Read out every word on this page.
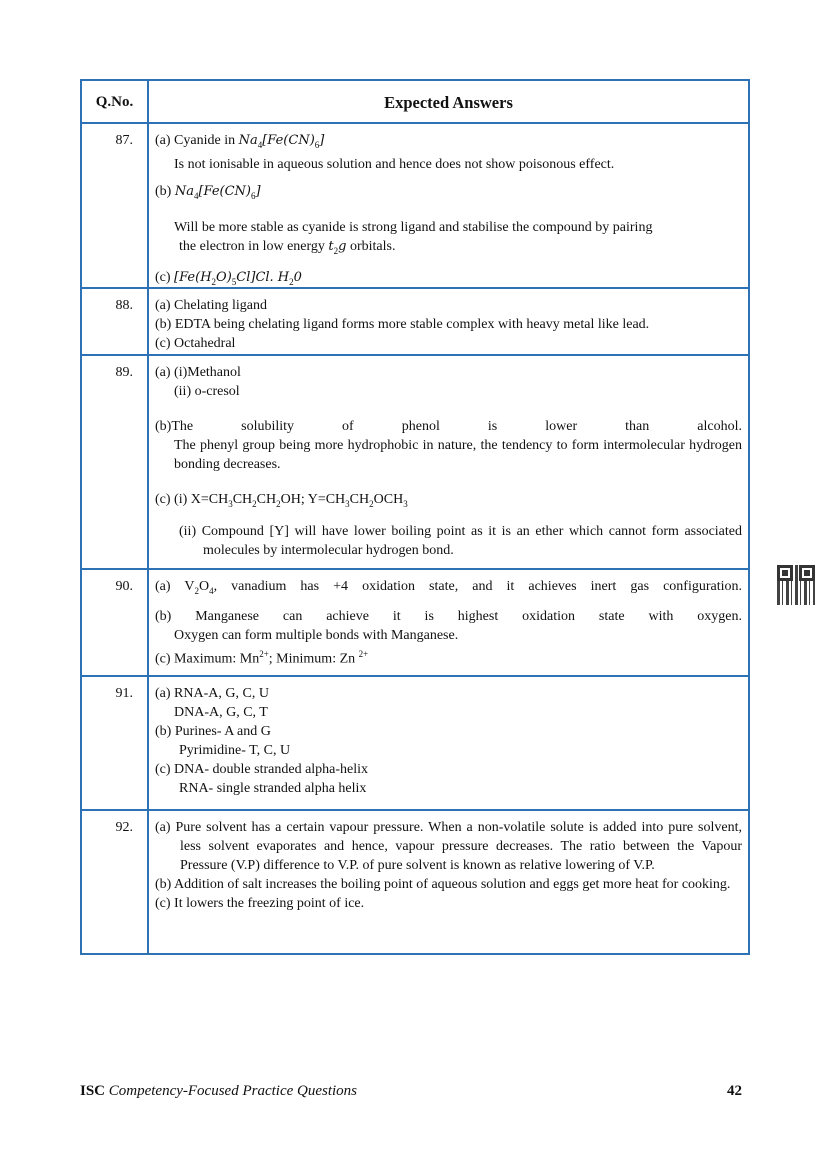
Q.No.	Expected Answers
87.	(a) Cyanide in $Na_4[Fe(CN)_6]$
Is not ionisable in aqueous solution and hence does not show poisonous effect.
(b) $Na_4[Fe(CN)_6]$
Will be more stable as cyanide is strong ligand and stabilise the compound by pairing
the electron in low energy $t_2g$ orbitals.
(c) $[Fe(H_2O)_5Cl]Cl$. $H_20$
88.	(a) Chelating ligand
(b) EDTA being chelating ligand forms more stable complex with heavy metal like lead.
(c) Octahedral
89.	(a) (i)Methanol
(ii) o-cresol
(b)The solubility of phenol is lower than alcohol.
The phenyl group being more hydrophobic in nature, the tendency to form intermolecular hydrogen bonding decreases.
(c) (i) $X=CH_3CH_2CH_2OH$; $Y=CH_3CH_2OCH_3$
(ii) Compound [Y] will have lower boiling point as it is an ether which cannot form associated molecules by intermolecular hydrogen bond.
90.	(a) $V_2O_4$, vanadium has +4 oxidation state, and it achieves inert gas configuration.
(b) Manganese can achieve it is highest oxidation state with oxygen.
Oxygen can form multiple bonds with Manganese.
(c) Maximum: $Mn^{2+}$; Minimum: Zn $^{2+}$
91.	(a) RNA-A, G, C, U
DNA-A, G, C, T
(b) Purines- A and G
Pyrimidine- T, C, U
(c) DNA- double stranded alpha-helix
RNA- single stranded alpha helix
92.	(a) Pure solvent has a certain vapour pressure. When a non-volatile solute is added into pure solvent, less solvent evaporates and hence, vapour pressure decreases. The ratio between the Vapour Pressure (V.P) difference to V.P. of pure solvent is known as relative lowering of V.P.
(b) Addition of salt increases the boiling point of aqueous solution and eggs get more heat for cooking.
(c) It lowers the freezing point of ice.
ISC Competency-Focused Practice Questions	42
